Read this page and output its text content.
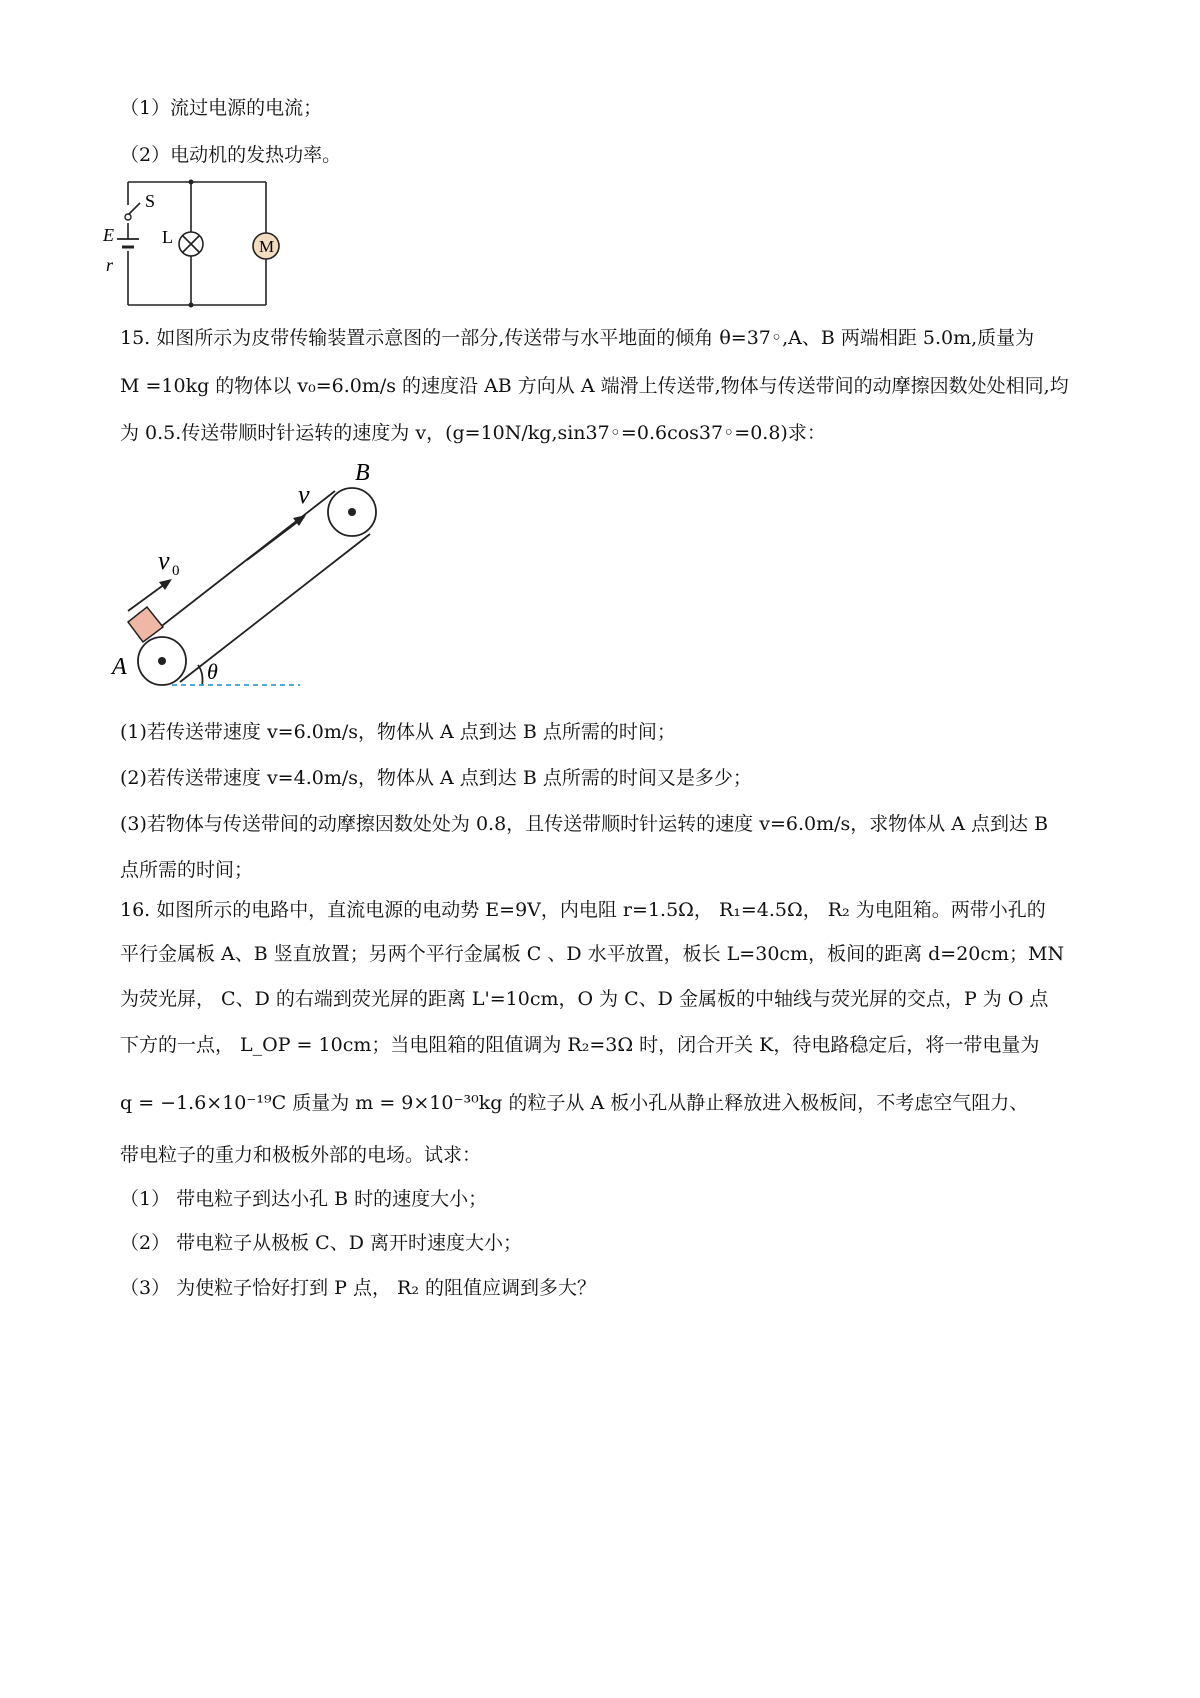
（1）流过电源的电流；
（2）电动机的发热功率。
S
E
r
L	M
15. 如图所示为皮带传输装置示意图的一部分,传送带与水平地面的倾角 θ=37◦,A、B 两端相距 5.0m,质量为
M =10kg 的物体以 v₀=6.0m/s 的速度沿 AB 方向从 A 端滑上传送带,物体与传送带间的动摩擦因数处处相同,均
为 0.5.传送带顺时针运转的速度为 v，(g=10N/kg,sin37◦=0.6cos37◦=0.8)求：
B
A
v
v 0
θ
(1)若传送带速度 v=6.0m/s，物体从 A 点到达 B 点所需的时间；
(2)若传送带速度 v=4.0m/s，物体从 A 点到达 B 点所需的时间又是多少；
(3)若物体与传送带间的动摩擦因数处处为 0.8，且传送带顺时针运转的速度 v=6.0m/s，求物体从 A 点到达 B
点所需的时间；
16. 如图所示的电路中，直流电源的电动势 E=9V，内电阻 r=1.5Ω， R₁=4.5Ω， R₂ 为电阻箱。两带小孔的
平行金属板 A、B 竖直放置；另两个平行金属板 C 、D 水平放置，板长 L=30cm，板间的距离 d=20cm；MN
为荧光屏， C、D 的右端到荧光屏的距离 L'=10cm，O 为 C、D 金属板的中轴线与荧光屏的交点，P 为 O 点
下方的一点， L_OP = 10cm；当电阻箱的阻值调为 R₂=3Ω 时，闭合开关 K，待电路稳定后，将一带电量为
q = −1.6×10⁻¹⁹C 质量为 m = 9×10⁻³⁰kg 的粒子从 A 板小孔从静止释放进入极板间，不考虑空气阻力、
带电粒子的重力和极板外部的电场。试求：
（1） 带电粒子到达小孔 B 时的速度大小；
（2） 带电粒子从极板 C、D 离开时速度大小；
（3） 为使粒子恰好打到 P 点， R₂ 的阻值应调到多大？
